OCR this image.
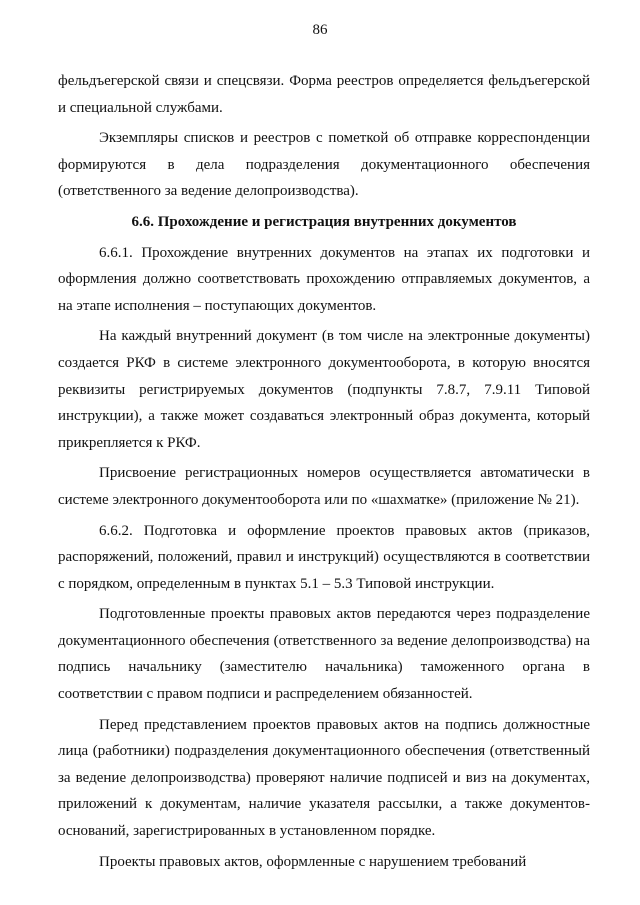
86

фельдъегерской связи и спецсвязи. Форма реестров определяется фельдъегерской и специальной службами.

Экземпляры списков и реестров с пометкой об отправке корреспонденции формируются в дела подразделения документационного обеспечения (ответственного за ведение делопроизводства).

6.6. Прохождение и регистрация внутренних документов

6.6.1. Прохождение внутренних документов на этапах их подготовки и оформления должно соответствовать прохождению отправляемых документов, а на этапе исполнения – поступающих документов.

На каждый внутренний документ (в том числе на электронные документы) создается РКФ в системе электронного документооборота, в которую вносятся реквизиты регистрируемых документов (подпункты 7.8.7, 7.9.11 Типовой инструкции), а также может создаваться электронный образ документа, который прикрепляется к РКФ.

Присвоение регистрационных номеров осуществляется автоматически в системе электронного документооборота или по «шахматке» (приложение № 21).

6.6.2. Подготовка и оформление проектов правовых актов (приказов, распоряжений, положений, правил и инструкций) осуществляются в соответствии с порядком, определенным в пунктах 5.1 – 5.3 Типовой инструкции.

Подготовленные проекты правовых актов передаются через подразделение документационного обеспечения (ответственного за ведение делопроизводства) на подпись начальнику (заместителю начальника) таможенного органа в соответствии с правом подписи и распределением обязанностей.

Перед представлением проектов правовых актов на подпись должностные лица (работники) подразделения документационного обеспечения (ответственный за ведение делопроизводства) проверяют наличие подписей и виз на документах, приложений к документам, наличие указателя рассылки, а также документов-оснований, зарегистрированных в установленном порядке.

Проекты правовых актов, оформленные с нарушением требований
